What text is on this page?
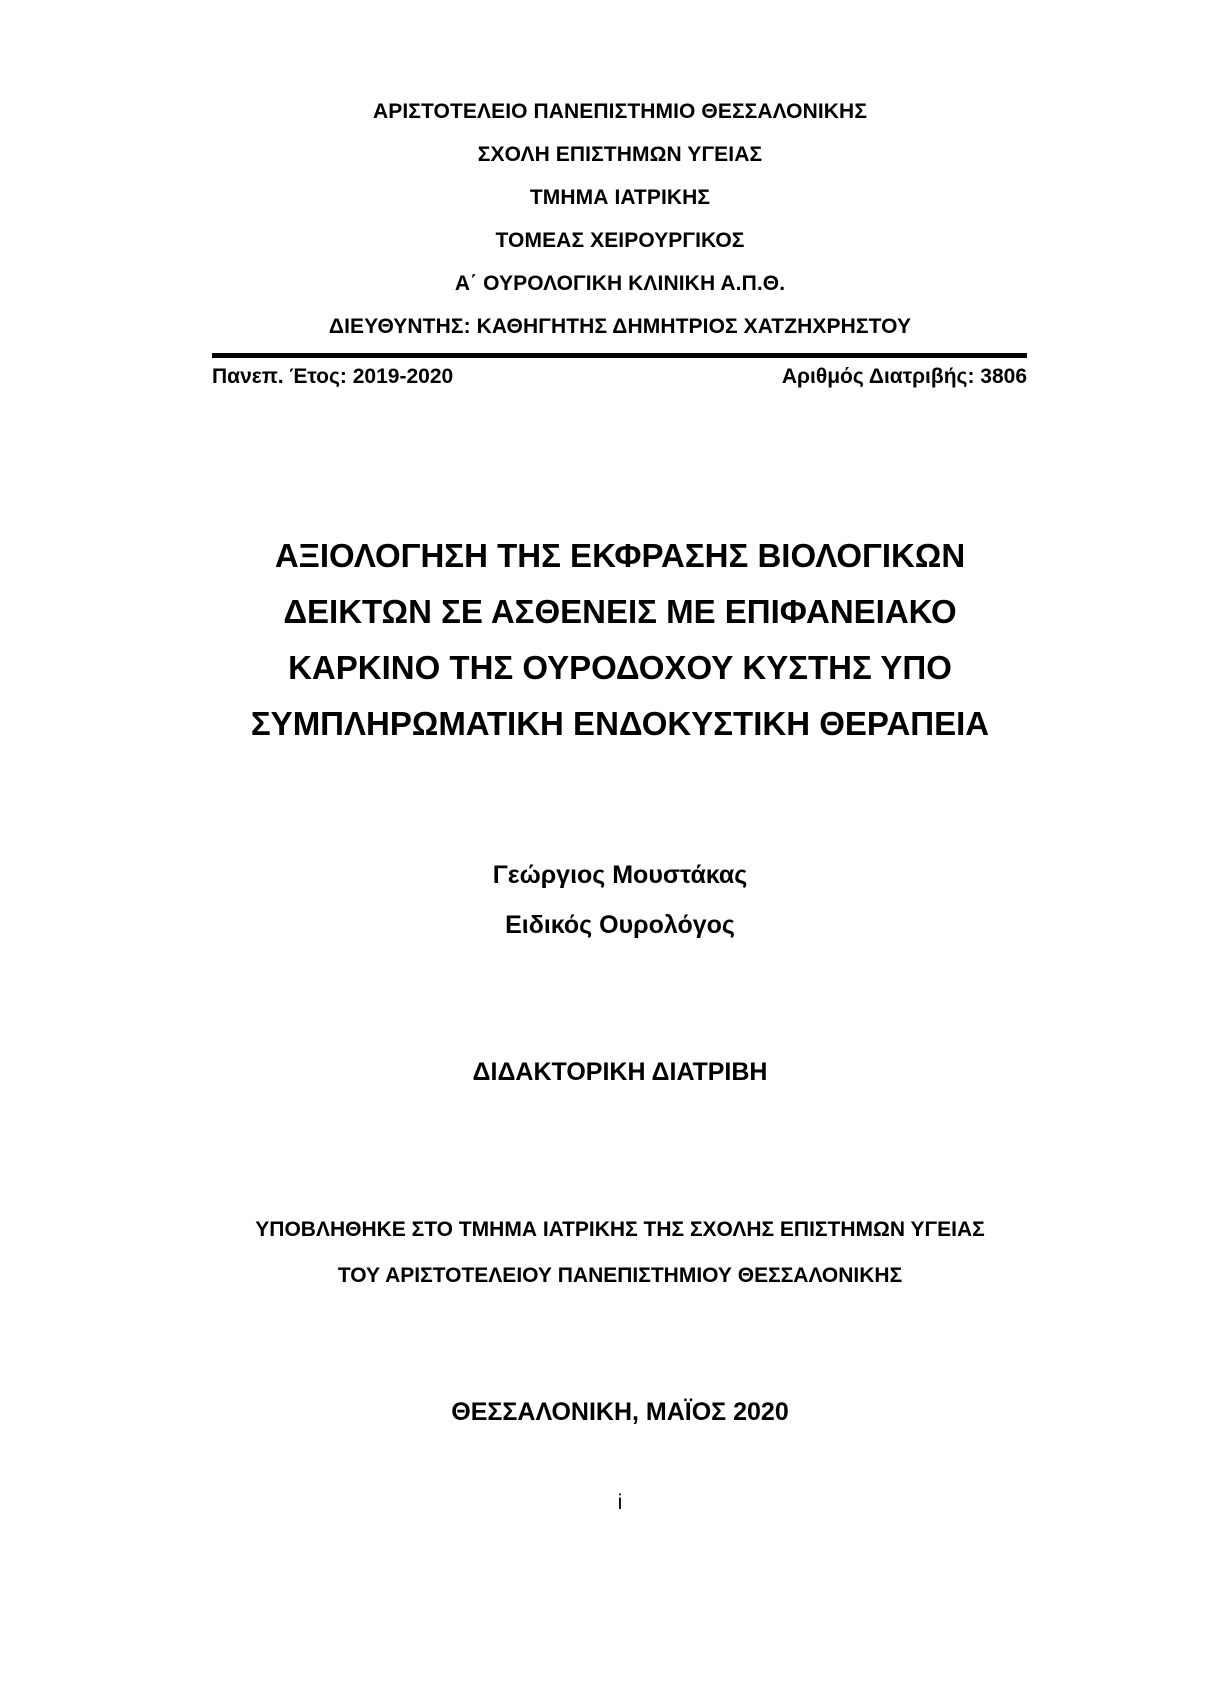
ΑΡΙΣΤΟΤΕΛΕΙΟ ΠΑΝΕΠΙΣΤΗΜΙΟ ΘΕΣΣΑΛΟΝΙΚΗΣ
ΣΧΟΛΗ ΕΠΙΣΤΗΜΩΝ ΥΓΕΙΑΣ
ΤΜΗΜΑ ΙΑΤΡΙΚΗΣ
ΤΟΜΕΑΣ ΧΕΙΡΟΥΡΓΙΚΟΣ
Α΄ ΟΥΡΟΛΟΓΙΚΗ ΚΛΙΝΙΚΗ Α.Π.Θ.
ΔΙΕΥΘΥΝΤΗΣ: ΚΑΘΗΓΗΤΗΣ ΔΗΜΗΤΡΙΟΣ ΧΑΤΖΗΧΡΗΣΤΟΥ
Πανεπ. Έτος: 2019-2020	Αριθμός Διατριβής: 3806
ΑΞΙΟΛΟΓΗΣΗ ΤΗΣ ΕΚΦΡΑΣΗΣ ΒΙΟΛΟΓΙΚΩΝ
ΔΕΙΚΤΩΝ ΣΕ ΑΣΘΕΝΕΙΣ ΜΕ ΕΠΙΦΑΝΕΙΑΚΟ
ΚΑΡΚΙΝΟ ΤΗΣ ΟΥΡΟΔΟΧΟΥ ΚΥΣΤΗΣ ΥΠΟ
ΣΥΜΠΛΗΡΩΜΑΤΙΚΗ ΕΝΔΟΚΥΣΤΙΚΗ ΘΕΡΑΠΕΙΑ
Γεώργιος Μουστάκας
Ειδικός Ουρολόγος
ΔΙΔΑΚΤΟΡΙΚΗ ΔΙΑΤΡΙΒΗ
ΥΠΟΒΛΗΘΗΚΕ ΣΤΟ ΤΜΗΜΑ ΙΑΤΡΙΚΗΣ ΤΗΣ ΣΧΟΛΗΣ ΕΠΙΣΤΗΜΩΝ ΥΓΕΙΑΣ
ΤΟΥ ΑΡΙΣΤΟΤΕΛΕΙΟΥ ΠΑΝΕΠΙΣΤΗΜΙΟΥ ΘΕΣΣΑΛΟΝΙΚΗΣ
ΘΕΣΣΑΛΟΝΙΚΗ, ΜΑΪΟΣ 2020
i
